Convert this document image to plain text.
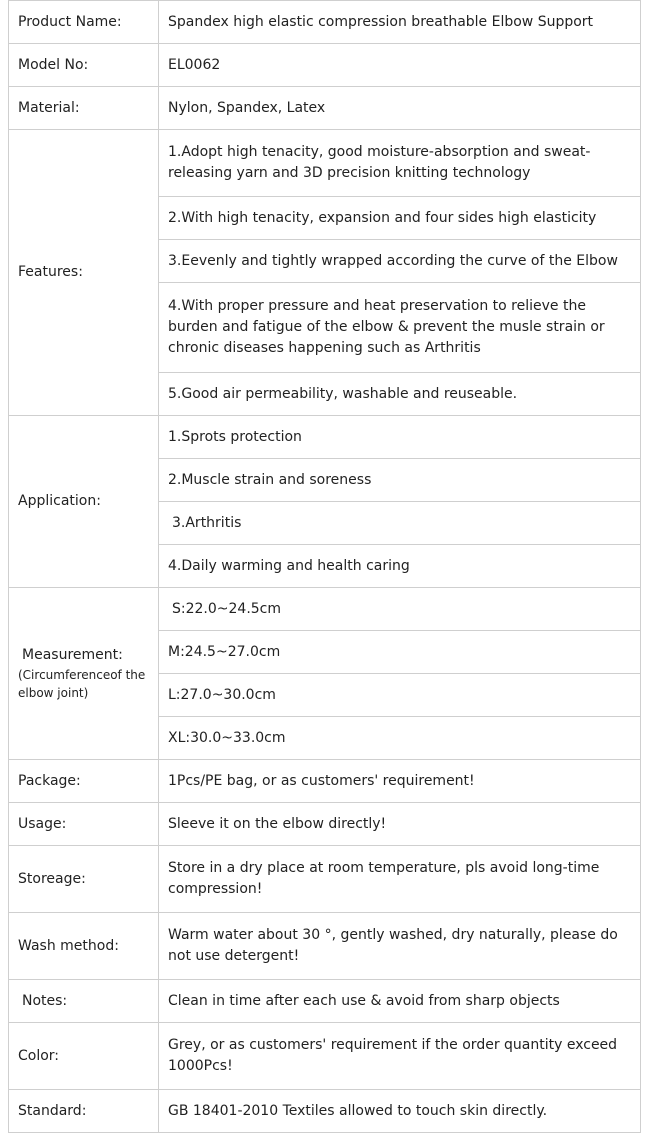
Product Name:	Spandex high elastic compression breathable Elbow Support
Model No:	EL0062
Material:	Nylon, Spandex, Latex
Features:	1.Adopt high tenacity, good moisture-absorption and sweat-releasing yarn and 3D precision knitting technology
	2.With high tenacity, expansion and four sides high elasticity
	3.Eevenly and tightly wrapped according the curve of the Elbow
	4.With proper pressure and heat preservation to relieve the burden and fatigue of the elbow & prevent the musle strain or chronic diseases happening such as Arthritis
	5.Good air permeability, washable and reuseable.
Application:	1.Sprots protection
	2.Muscle strain and soreness
	3.Arthritis
	4.Daily warming and health caring

Measurement:
(Circumferenceof the elbow joint)	S:22.0~24.5cm
	M:24.5~27.0cm
	L:27.0~30.0cm
	XL:30.0~33.0cm
Package:	1Pcs/PE bag, or as customers' requirement!
Usage:	Sleeve it on the elbow directly!
Storeage:	Store in a dry place at room temperature, pls avoid long-time compression!
Wash method:	Warm water about 30 °, gently washed, dry naturally, please do not use detergent!
Notes:	Clean in time after each use & avoid from sharp objects
Color:	Grey, or as customers' requirement if the order quantity exceed 1000Pcs!
Standard:	GB 18401-2010 Textiles allowed to touch skin directly.
